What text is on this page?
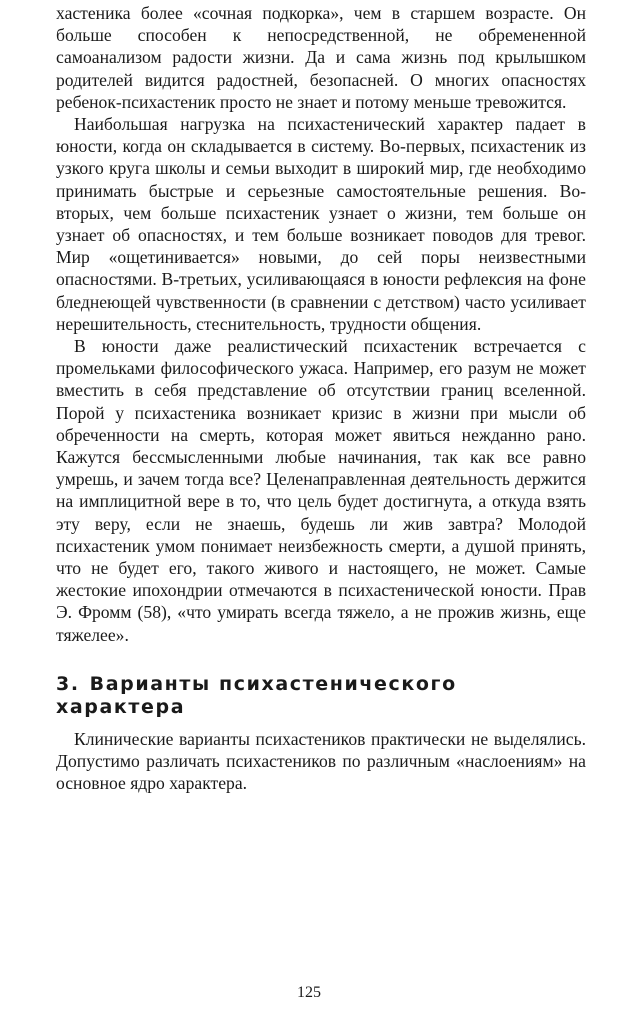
хастеника более «сочная подкорка», чем в старшем возрасте. Он больше способен к непосредственной, не обремененной самоанализом радости жизни. Да и сама жизнь под крылышком родителей видится радостней, безопасней. О многих опасностях ребенок-психастеник просто не знает и потому меньше тревожится.

Наибольшая нагрузка на психастенический характер падает в юности, когда он складывается в систему. Во-первых, психастеник из узкого круга школы и семьи выходит в широкий мир, где необходимо принимать быстрые и серьезные самостоятельные решения. Во-вторых, чем больше психастеник узнает о жизни, тем больше он узнает об опасностях, и тем больше возникает поводов для тревог. Мир «ощетинивается» новыми, до сей поры неизвестными опасностями. В-третьих, усиливающаяся в юности рефлексия на фоне бледнеющей чувственности (в сравнении с детством) часто усиливает нерешительность, стеснительность, трудности общения.

В юности даже реалистический психастеник встречается с промельками философического ужаса. Например, его разум не может вместить в себя представление об отсутствии границ вселенной. Порой у психастеника возникает кризис в жизни при мысли об обреченности на смерть, которая может явиться нежданно рано. Кажутся бессмысленными любые начинания, так как все равно умрешь, и зачем тогда все? Целенаправленная деятельность держится на имплицитной вере в то, что цель будет достигнута, а откуда взять эту веру, если не знаешь, будешь ли жив завтра? Молодой психастеник умом понимает неизбежность смерти, а душой принять, что не будет его, такого живого и настоящего, не может. Самые жестокие ипохондрии отмечаются в психастенической юности. Прав Э. Фромм (58), «что умирать всегда тяжело, а не прожив жизнь, еще тяжелее».

3. Варианты психастенического характера

Клинические варианты психастеников практически не выделялись. Допустимо различать психастеников по различным «наслоениям» на основное ядро характера.

125
